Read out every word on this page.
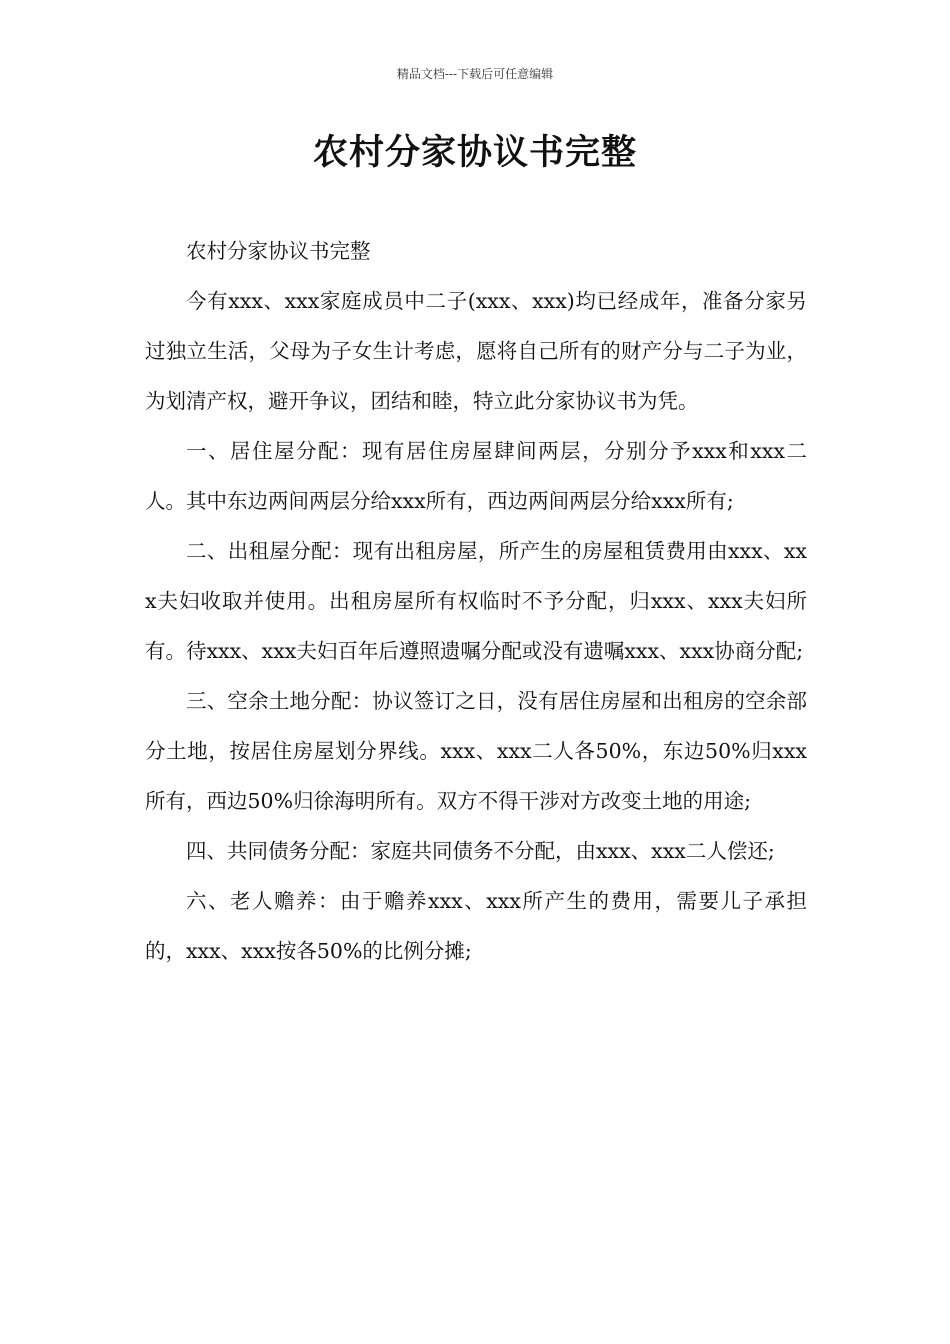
精品文档---下载后可任意编辑
农村分家协议书完整

农村分家协议书完整

今有xxx、xxx家庭成员中二子(xxx、xxx)均已经成年，准备分家另过独立生活，父母为子女生计考虑，愿将自己所有的财产分与二子为业，为划清产权，避开争议，团结和睦，特立此分家协议书为凭。

一、居住屋分配：现有居住房屋肆间两层，分别分予xxx和xxx二人。其中东边两间两层分给xxx所有，西边两间两层分给xxx所有;

二、出租屋分配：现有出租房屋，所产生的房屋租赁费用由xxx、xxx夫妇收取并使用。出租房屋所有权临时不予分配，归xxx、xxx夫妇所有。待xxx、xxx夫妇百年后遵照遗嘱分配或没有遗嘱xxx、xxx协商分配;

三、空余土地分配：协议签订之日，没有居住房屋和出租房的空余部分土地，按居住房屋划分界线。xxx、xxx二人各50%，东边50%归xxx所有，西边50%归徐海明所有。双方不得干涉对方改变土地的用途;

四、共同债务分配：家庭共同债务不分配，由xxx、xxx二人偿还;

六、老人赡养：由于赡养xxx、xxx所产生的费用，需要儿子承担的，xxx、xxx按各50%的比例分摊;
